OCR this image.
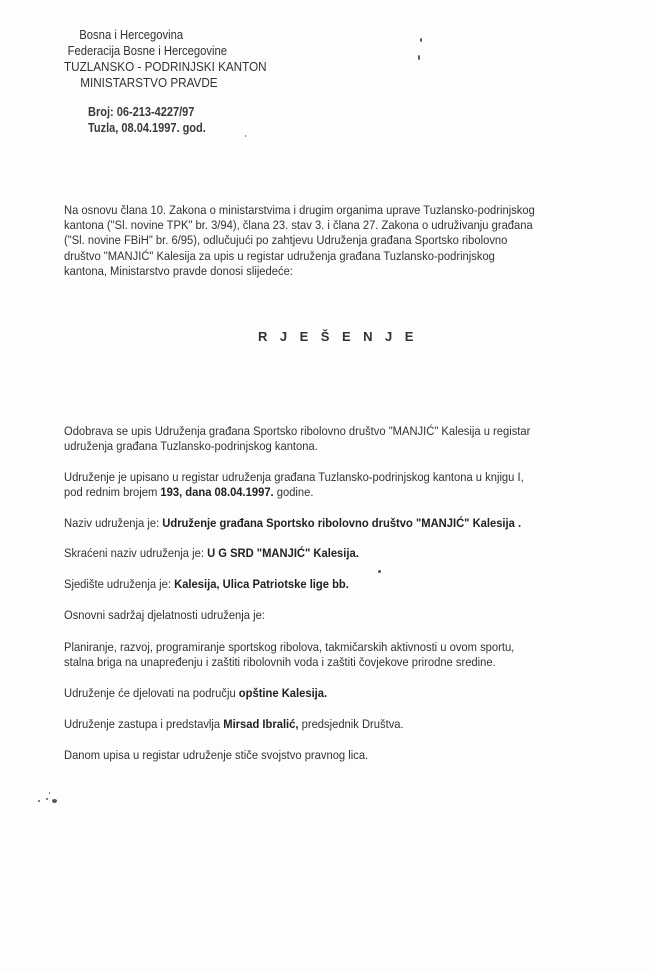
Bosna i Hercegovina
Federacija Bosne i Hercegovine
TUZLANSKO - PODRINJSKI KANTON
MINISTARSTVO PRAVDE
Broj: 06-213-4227/97
Tuzla, 08.04.1997. god.
Na osnovu člana 10. Zakona o ministarstvima i drugim organima uprave Tuzlansko-podrinjskog
kantona ("Sl. novine TPK" br. 3/94), člana 23. stav 3. i člana 27. Zakona o udruživanju građana
("Sl. novine FBiH" br. 6/95), odlučujući po zahtjevu Udruženja građana Sportsko ribolovno
društvo "MANJIĆ" Kalesija za upis u registar udruženja građana Tuzlansko-podrinjskog
kantona, Ministarstvo pravde donosi slijedeće:
RJEŠENJE
Odobrava se upis Udruženja građana Sportsko ribolovno društvo "MANJIĆ" Kalesija u registar
udruženja građana Tuzlansko-podrinjskog kantona.
Udruženje je upisano u registar udruženja građana Tuzlansko-podrinjskog kantona u knjigu I,
pod rednim brojem 193, dana 08.04.1997. godine.
Naziv udruženja je: Udruženje građana Sportsko ribolovno društvo "MANJIĆ" Kalesija .
Skraćeni naziv udruženja je: U G SRD "MANJIĆ" Kalesija.
Sjedište udruženja je: Kalesija, Ulica Patriotske lige bb.
Osnovni sadržaj djelatnosti udruženja je:
Planiranje, razvoj, programiranje sportskog ribolova, takmičarskih aktivnosti u ovom sportu,
stalna briga na unapređenju i zaštiti ribolovnih voda i zaštiti čovjekove prirodne sredine.
Udruženje će djelovati na području opštine Kalesija.
Udruženje zastupa i predstavlja Mirsad Ibralić, predsjednik Društva.
Danom upisa u registar udruženje stiče svojstvo pravnog lica.
